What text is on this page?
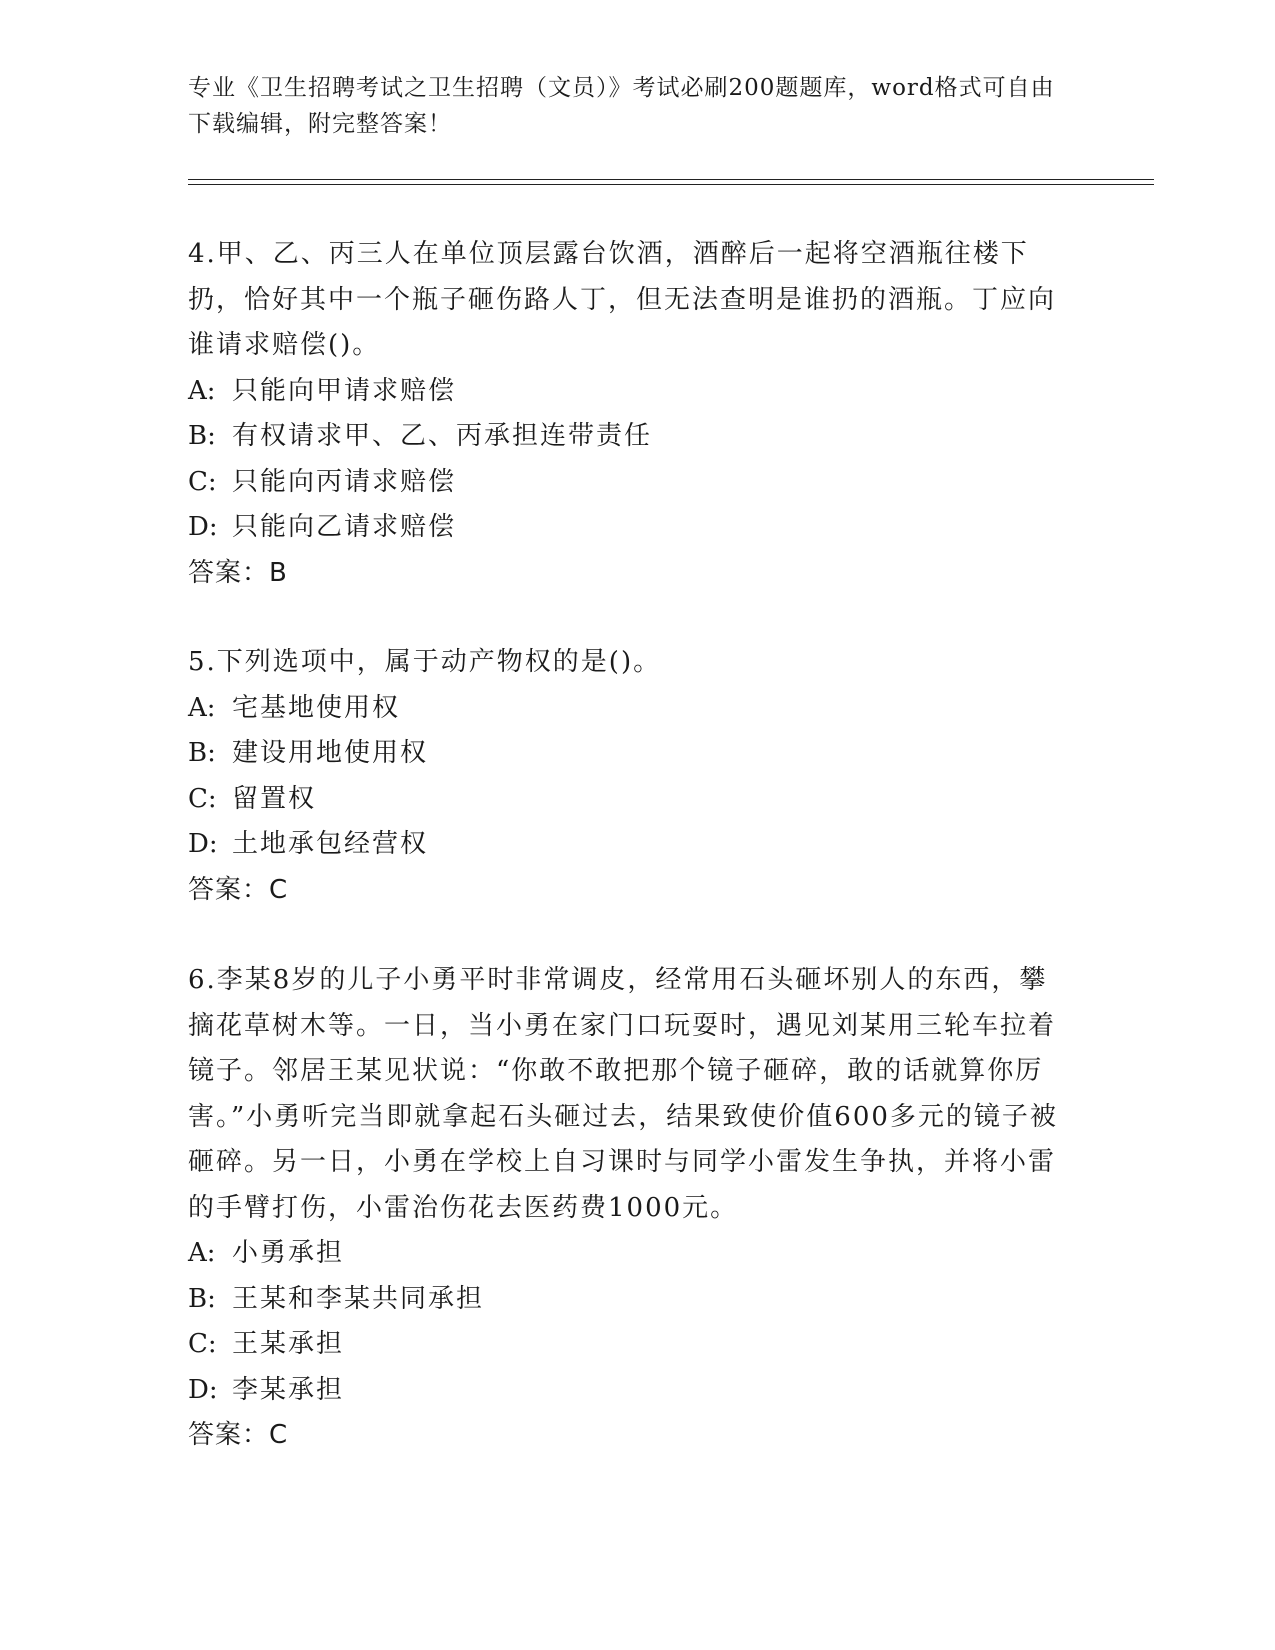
专业《卫生招聘考试之卫生招聘（文员）》考试必刷200题题库，word格式可自由下载编辑，附完整答案！

4.甲、乙、丙三人在单位顶层露台饮酒，酒醉后一起将空酒瓶往楼下扔，恰好其中一个瓶子砸伤路人丁，但无法查明是谁扔的酒瓶。丁应向谁请求赔偿()。

A: 只能向甲请求赔偿

B: 有权请求甲、乙、丙承担连带责任

C: 只能向丙请求赔偿

D: 只能向乙请求赔偿

答案：B

5.下列选项中，属于动产物权的是()。

A: 宅基地使用权

B: 建设用地使用权

C: 留置权

D: 土地承包经营权

答案：C

6.李某8岁的儿子小勇平时非常调皮，经常用石头砸坏别人的东西，攀摘花草树木等。一日，当小勇在家门口玩耍时，遇见刘某用三轮车拉着镜子。邻居王某见状说：“你敢不敢把那个镜子砸碎，敢的话就算你厉害。”小勇听完当即就拿起石头砸过去，结果致使价值600多元的镜子被砸碎。另一日，小勇在学校上自习课时与同学小雷发生争执，并将小雷的手臂打伤，小雷治伤花去医药费1000元。

A: 小勇承担

B: 王某和李某共同承担

C: 王某承担

D: 李某承担

答案：C
